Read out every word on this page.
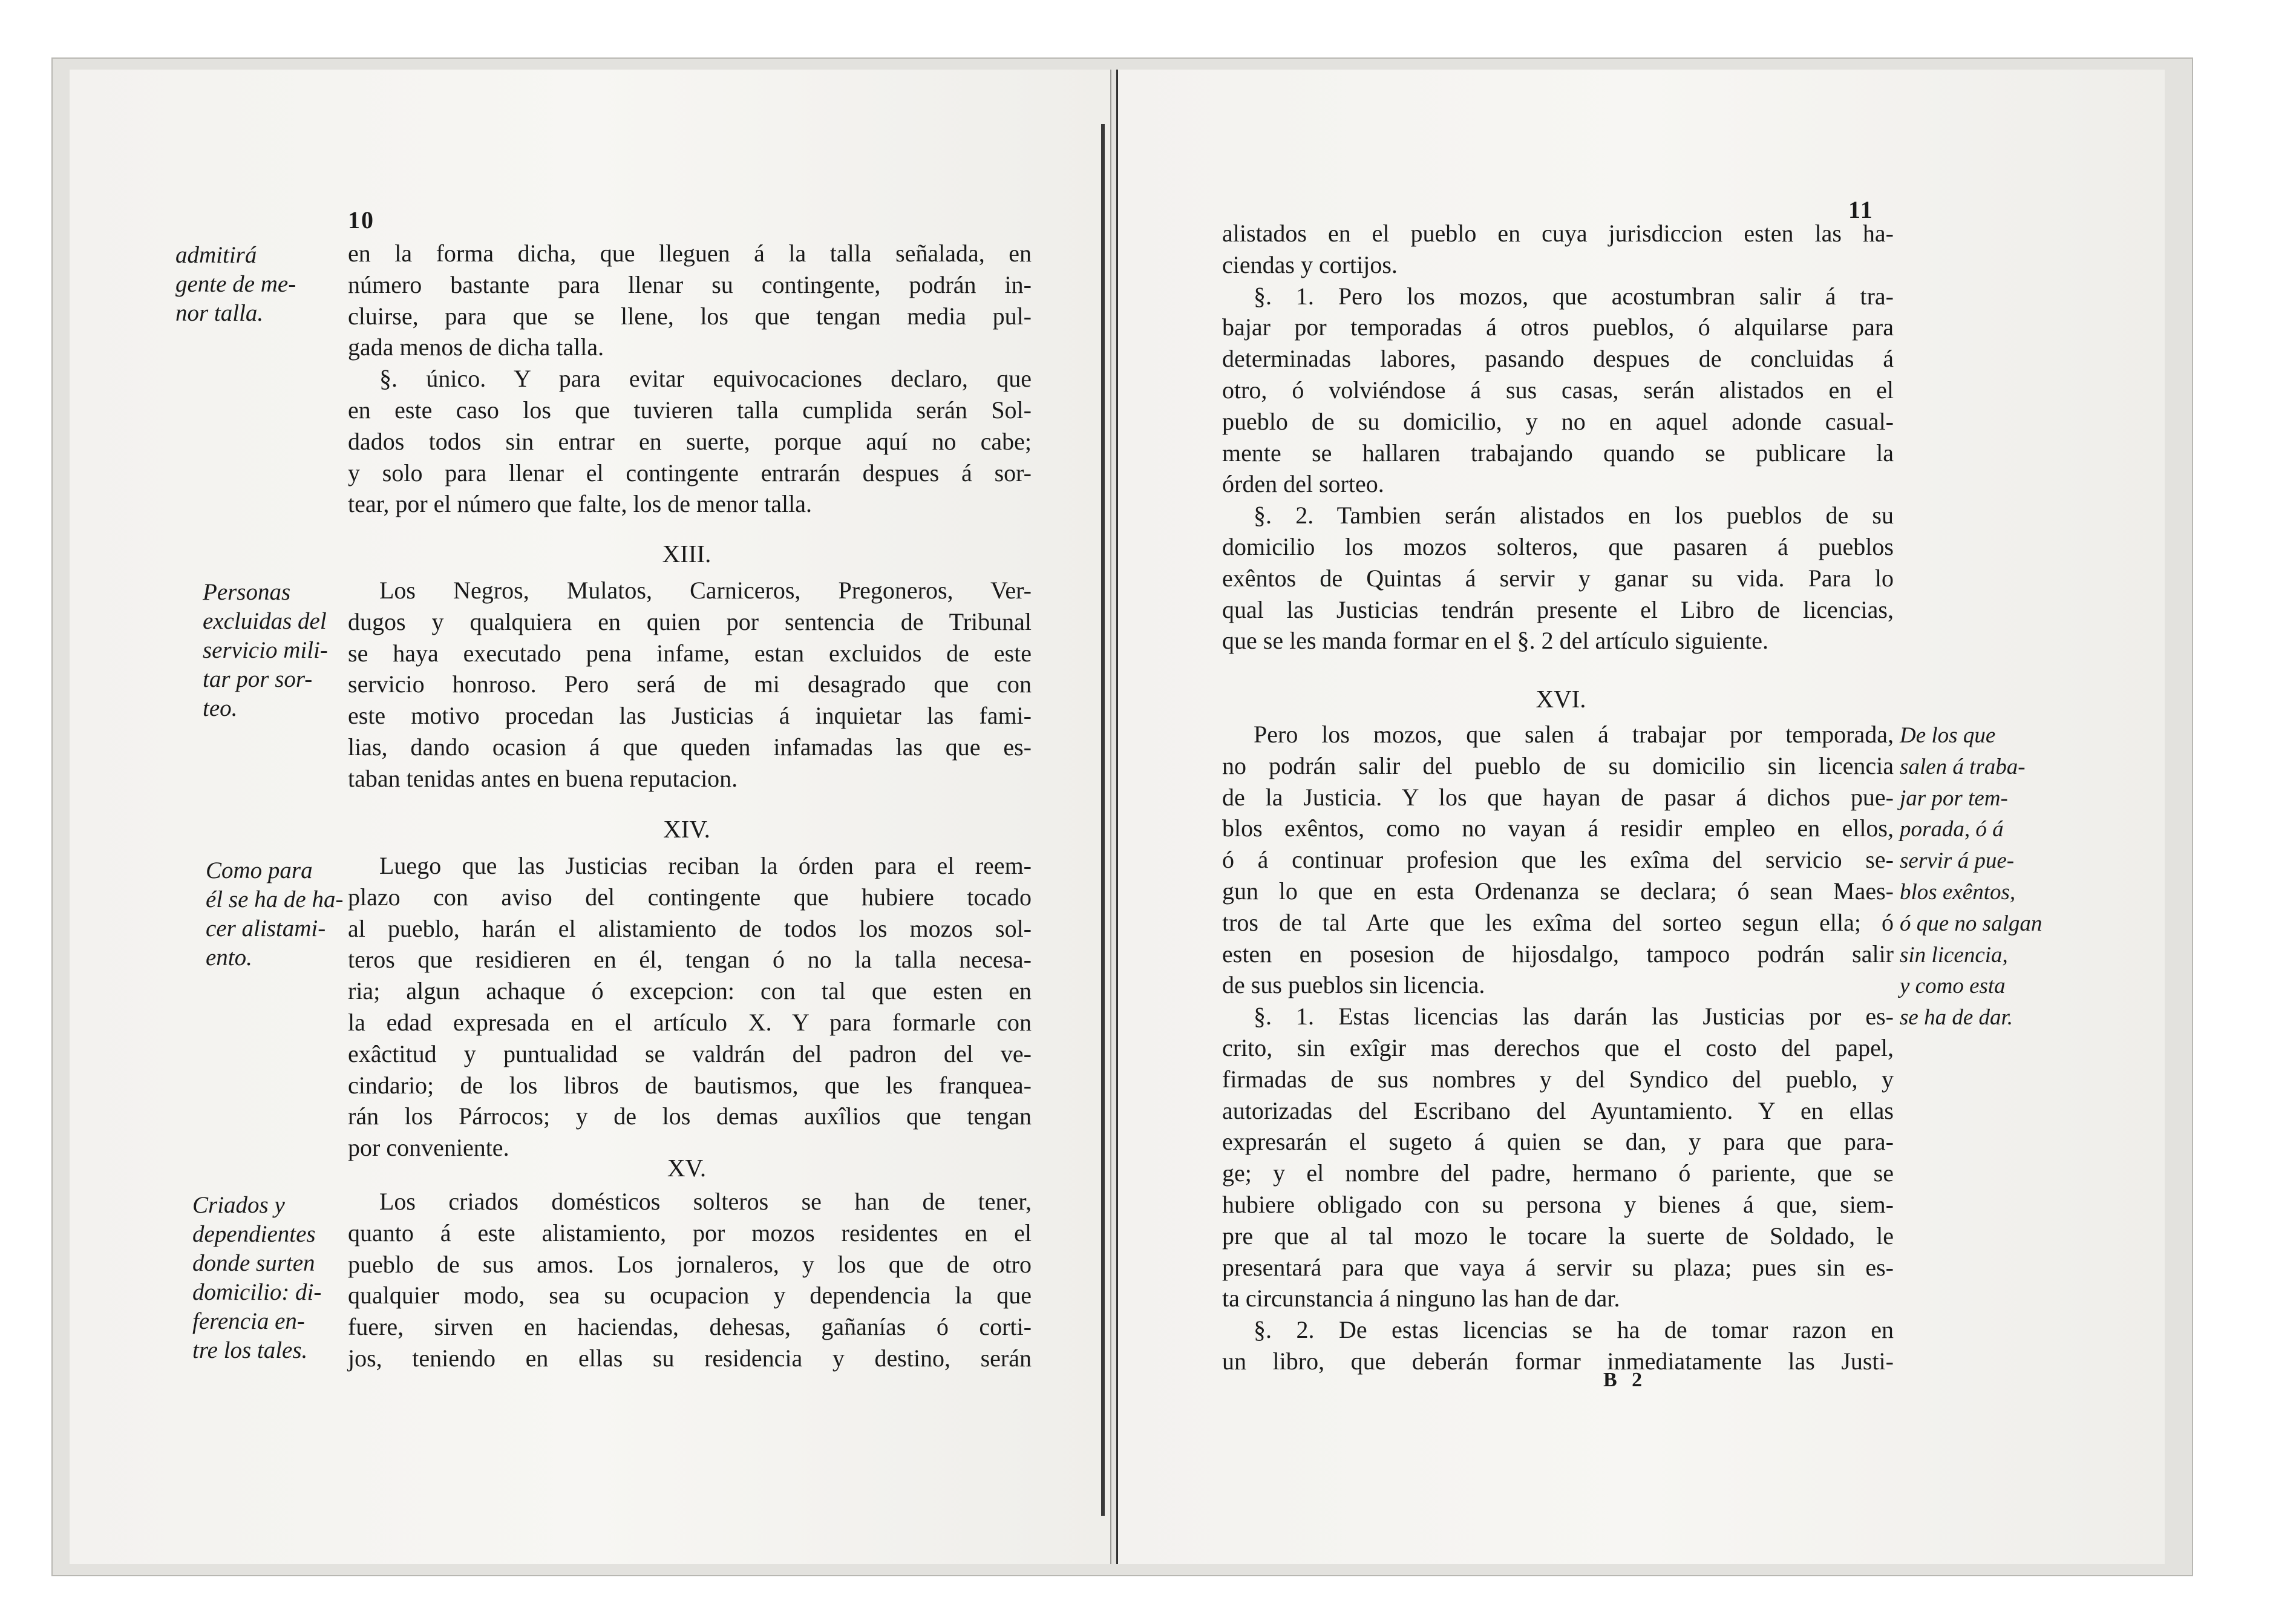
10
admitirá
gente de me-
nor talla.
en la forma dicha, que lleguen á la talla señalada, en
número bastante para llenar su contingente, podrán in-
cluirse, para que se llene, los que tengan media pul-
gada menos de dicha talla.
§. único. Y para evitar equivocaciones declaro, que
en este caso los que tuvieren talla cumplida serán Sol-
dados todos sin entrar en suerte, porque aquí no cabe;
y solo para llenar el contingente entrarán despues á sor-
tear, por el número que falte, los de menor talla.
XIII.
Personas
excluidas del
servicio mili-
tar por sor-
teo.
Los Negros, Mulatos, Carniceros, Pregoneros, Ver-
dugos y qualquiera en quien por sentencia de Tribunal
se haya executado pena infame, estan excluidos de este
servicio honroso. Pero será de mi desagrado que con
este motivo procedan las Justicias á inquietar las fami-
lias, dando ocasion á que queden infamadas las que es-
taban tenidas antes en buena reputacion.
XIV.
Como para
él se ha de ha-
cer alistami-
ento.
Luego que las Justicias reciban la órden para el reem-
plazo con aviso del contingente que hubiere tocado
al pueblo, harán el alistamiento de todos los mozos sol-
teros que residieren en él, tengan ó no la talla necesa-
ria; algun achaque ó excepcion: con tal que esten en
la edad expresada en el artículo X. Y para formarle con
exâctitud y puntualidad se valdrán del padron del ve-
cindario; de los libros de bautismos, que les franquea-
rán los Párrocos; y de los demas auxîlios que tengan
por conveniente.
XV.
Criados y
dependientes
donde surten
domicilio: di-
ferencia en-
tre los tales.
Los criados domésticos solteros se han de tener,
quanto á este alistamiento, por mozos residentes en el
pueblo de sus amos. Los jornaleros, y los que de otro
qualquier modo, sea su ocupacion y dependencia la que
fuere, sirven en haciendas, dehesas, gañanías ó corti-
jos, teniendo en ellas su residencia y destino, serán
11
alistados en el pueblo en cuya jurisdiccion esten las ha-
ciendas y cortijos.
§. 1. Pero los mozos, que acostumbran salir á tra-
bajar por temporadas á otros pueblos, ó alquilarse para
determinadas labores, pasando despues de concluidas á
otro, ó volviéndose á sus casas, serán alistados en el
pueblo de su domicilio, y no en aquel adonde casual-
mente se hallaren trabajando quando se publicare la
órden del sorteo.
§. 2. Tambien serán alistados en los pueblos de su
domicilio los mozos solteros, que pasaren á pueblos
exêntos de Quintas á servir y ganar su vida. Para lo
qual las Justicias tendrán presente el Libro de licencias,
que se les manda formar en el §. 2 del artículo siguiente.
XVI.
Pero los mozos, que salen á trabajar por temporada,
no podrán salir del pueblo de su domicilio sin licencia
de la Justicia. Y los que hayan de pasar á dichos pue-
blos exêntos, como no vayan á residir empleo en ellos,
ó á continuar profesion que les exîma del servicio se-
gun lo que en esta Ordenanza se declara; ó sean Maes-
tros de tal Arte que les exîma del sorteo segun ella; ó
esten en posesion de hijosdalgo, tampoco podrán salir
de sus pueblos sin licencia.
§. 1. Estas licencias las darán las Justicias por es-
crito, sin exîgir mas derechos que el costo del papel,
firmadas de sus nombres y del Syndico del pueblo, y
autorizadas del Escribano del Ayuntamiento. Y en ellas
expresarán el sugeto á quien se dan, y para que para-
ge; y el nombre del padre, hermano ó pariente, que se
hubiere obligado con su persona y bienes á que, siem-
pre que al tal mozo le tocare la suerte de Soldado, le
presentará para que vaya á servir su plaza; pues sin es-
ta circunstancia á ninguno las han de dar.
§. 2. De estas licencias se ha de tomar razon en
un libro, que deberán formar inmediatamente las Justi-
De los que
salen á traba-
jar por tem-
porada, ó á
servir á pue-
blos exêntos,
ó que no salgan
sin licencia,
y como esta
se ha de dar.
B 2
